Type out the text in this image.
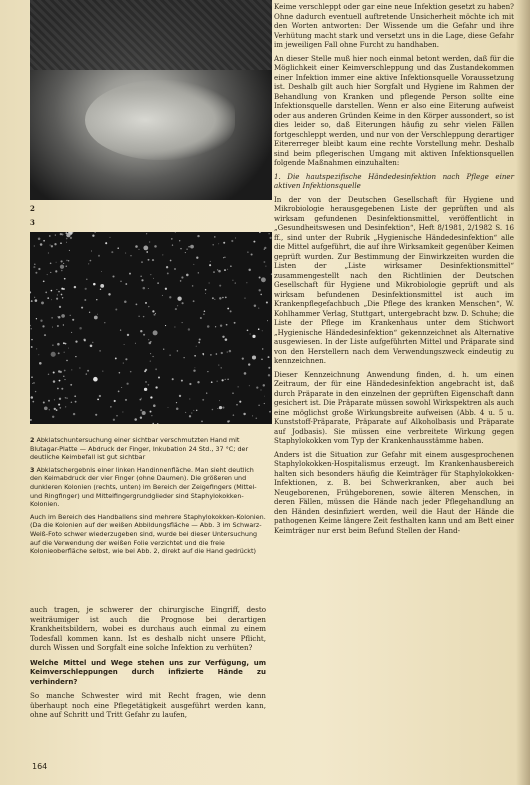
2
3

2 Abklatschuntersuchung einer sichtbar verschmutzten Hand mit Blutagar-Platte — Abdruck der Finger, Inkubation 24 Std., 37 °C; der deutliche Keimbefall ist gut sichtbar

3 Abklatschergebnis einer linken Handinnenfläche. Man sieht deutlich den Keimabdruck der vier Finger (ohne Daumen). Die größeren und dunkleren Kolonien (rechts, unten) im Bereich der Zeigefingers (Mittel- und Ringfinger) und Mittelfingergrundglieder sind Staphylokokken-Kolonien.

Auch im Bereich des Handballens sind mehrere Staphylokokken-Kolonien. (Da die Kolonien auf der weißen Abbildungsfläche — Abb. 3 im Schwarz-Weiß-Foto schwer wiederzugeben sind, wurde bei dieser Untersuchung auf die Verwendung der weißen Folie verzichtet und die freie Kolonieoberfläche selbst, wie bei Abb. 2, direkt auf die Hand gedrückt)

auch tragen, je schwerer der chirurgische Eingriff, desto weiträumiger ist auch die Prognose bei derartigen Krankheitsbildern, wobei es durchaus auch einmal zu einem Todesfall kommen kann. Ist es deshalb nicht unsere Pflicht, durch Wissen und Sorgfalt eine solche Infektion zu verhüten?

Welche Mittel und Wege stehen uns zur Verfügung, um Keimverschleppungen durch infizierte Hände zu verhindern?

So manche Schwester wird mit Recht fragen, wie denn überhaupt noch eine Pflegetätigkeit ausgeführt werden kann, ohne auf Schritt und Tritt Gefahr zu laufen,

Keime verschleppt oder gar eine neue Infektion gesetzt zu haben? Ohne dadurch eventuell auftretende Unsicherheit möchte ich mit den Worten antworten: Der Wissende um die Gefahr und ihre Verhütung macht stark und versetzt uns in die Lage, diese Gefahr im jeweiligen Fall ohne Furcht zu handhaben.

An dieser Stelle muß hier noch einmal betont werden, daß für die Möglichkeit einer Keimverschleppung und das Zustandekommen einer Infektion immer eine aktive Infektionsquelle Voraussetzung ist. Deshalb gilt auch hier Sorgfalt und Hygiene im Rahmen der Behandlung von Kranken und pflegende Person sollte eine Infektionsquelle darstellen. Wenn er also eine Eiterung aufweist oder aus anderen Gründen Keime in den Körper aussondert, so ist dies leider so, daß Eiterungen häufig zu sehr vielen Fällen fortgeschleppt werden, und nur von der Verschleppung derartiger Eitererreger bleibt kaum eine rechte Vorstellung mehr. Deshalb sind beim pflegerischen Umgang mit aktiven Infektionsquellen folgende Maßnahmen einzuhalten:

1. Die hautspezifische Händedesinfektion nach Pflege einer aktiven Infektionsquelle

In der von der Deutschen Gesellschaft für Hygiene und Mikrobiologie herausgegebenen Liste der geprüften und als wirksam gefundenen Desinfektionsmittel, veröffentlicht in „Gesundheitswesen und Desinfektion“, Heft 8/1981, 2/1982 S. 16 ff., sind unter der Rubrik „Hygienische Händedesinfektion“ alle die Mittel aufgeführt, die auf ihre Wirksamkeit gegenüber Keimen geprüft wurden. Zur Bestimmung der Einwirkzeiten wurden die Listen der „Liste wirksamer Desinfektionsmittel“ zusammengestellt nach den Richtlinien der Deutschen Gesellschaft für Hygiene und Mikrobiologie geprüft und als wirksam befundenen Desinfektionsmittel ist auch im Krankenpflegefachbuch „Die Pflege des kranken Menschen“, W. Kohlhammer Verlag, Stuttgart, untergebracht bzw. D. Schuhe; die Liste der Pflege im Krankenhaus unter dem Stichwort „Hygienische Händedesinfektion“ gekennzeichnet als Alternative ausgewiesen. In der Liste aufgeführten Mittel und Präparate sind von den Herstellern nach dem Verwendungszweck eindeutig zu kennzeichnen.

Dieser Kennzeichnung Anwendung finden, d. h. um einen Zeitraum, der für eine Händedesinfektion angebracht ist, daß durch Präparate in den einzelnen der geprüften Eigenschaft dann gesichert ist. Die Präparate müssen sowohl Wirkspektren als auch eine möglichst große Wirkungsbreite aufweisen (Abb. 4 u. 5 u. Kunststoff-Präparate, Präparate auf Alkoholbasis und Präparate auf Jodbasis). Sie müssen eine verbreitete Wirkung gegen Staphylokokken vom Typ der Krankenhausstämme haben.

Anders ist die Situation zur Gefahr mit einem ausgesprochenen Staphylokokken-Hospitalismus erzeugt. Im Krankenhausbereich halten sich besonders häufig die Keimträger für Staphylokokken-Infektionen, z. B. bei Schwerkranken, aber auch bei Neugeborenen, Frühgeborenen, sowie älteren Menschen, in deren Fällen, müssen die Hände nach jeder Pflegehandlung an den Händen desinfiziert werden, weil die Haut der Hände die pathogenen Keime längere Zeit festhalten kann und am Bett einer Keimträger nur erst beim Befund Stellen der Hand-

164
